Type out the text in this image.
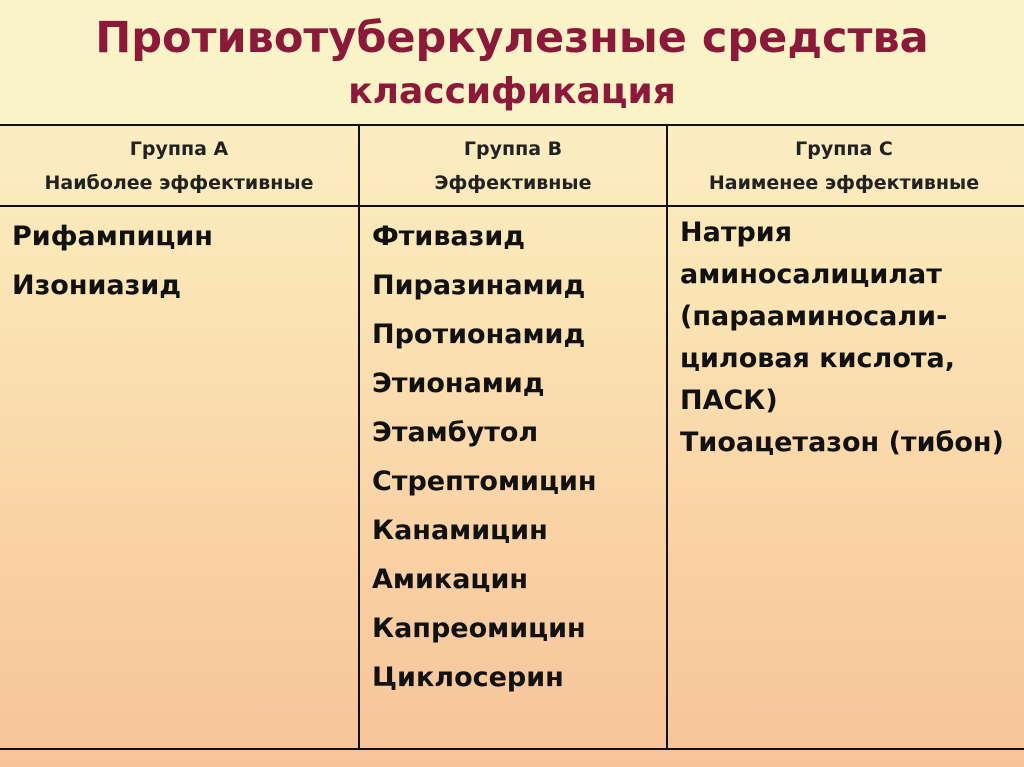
Противотуберкулезные средства
классификация
Группа А
Наиболее эффективные
Группа В
Эффективные
Группа С
Наименее эффективные
Рифампицин
Изониазид
Фтивазид
Пиразинамид
Протионамид
Этионамид
Этамбутол
Стрептомицин
Канамицин
Амикацин
Капреомицин
Циклосерин
Натрия аминосалицилат (парааминосали-циловая кислота, ПАСК)
Тиоацетазон (тибон)
